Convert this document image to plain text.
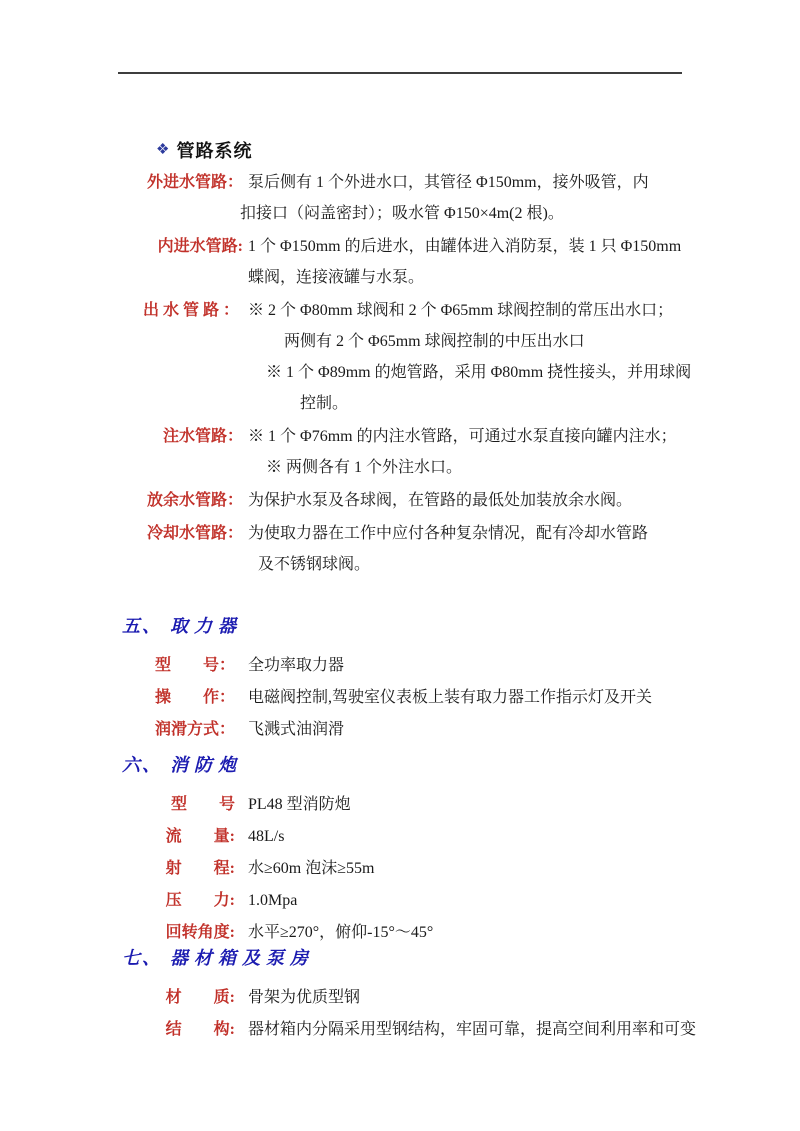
❖ 管路系统
外进水管路： 泵后侧有 1 个外进水口，其管径 Φ150mm，接外吸管，内
扣接口（闷盖密封）；吸水管 Φ150×4m(2 根)。
内进水管路: 1 个 Φ150mm 的后进水，由罐体进入消防泵，装 1 只 Φ150mm
蝶阀，连接液罐与水泵。
出水管路： ※ 2 个 Φ80mm 球阀和 2 个 Φ65mm 球阀控制的常压出水口；
两侧有 2 个 Φ65mm 球阀控制的中压出水口
※ 1 个 Φ89mm 的炮管路，采用 Φ80mm 挠性接头，并用球阀
控制。
注水管路： ※ 1 个 Φ76mm 的内注水管路，可通过水泵直接向罐内注水；
※ 两侧各有 1 个外注水口。
放余水管路： 为保护水泵及各球阀，在管路的最低处加装放余水阀。
冷却水管路： 为使取力器在工作中应付各种复杂情况，配有冷却水管路
及不锈钢球阀。
五、 取力器
型　　号： 全功率取力器
操　　作： 电磁阀控制,驾驶室仪表板上装有取力器工作指示灯及开关
润滑方式： 飞溅式油润滑
六、 消防炮
型　　号 PL48 型消防炮
流　　量: 48L/s
射　　程: 水≥60m 泡沫≥55m
压　　力: 1.0Mpa
回转角度: 水平≥270°，俯仰-15°～45°
七、 器材箱及泵房
材　　质: 骨架为优质型钢
结　　构: 器材箱内分隔采用型钢结构，牢固可靠，提高空间利用率和可变
